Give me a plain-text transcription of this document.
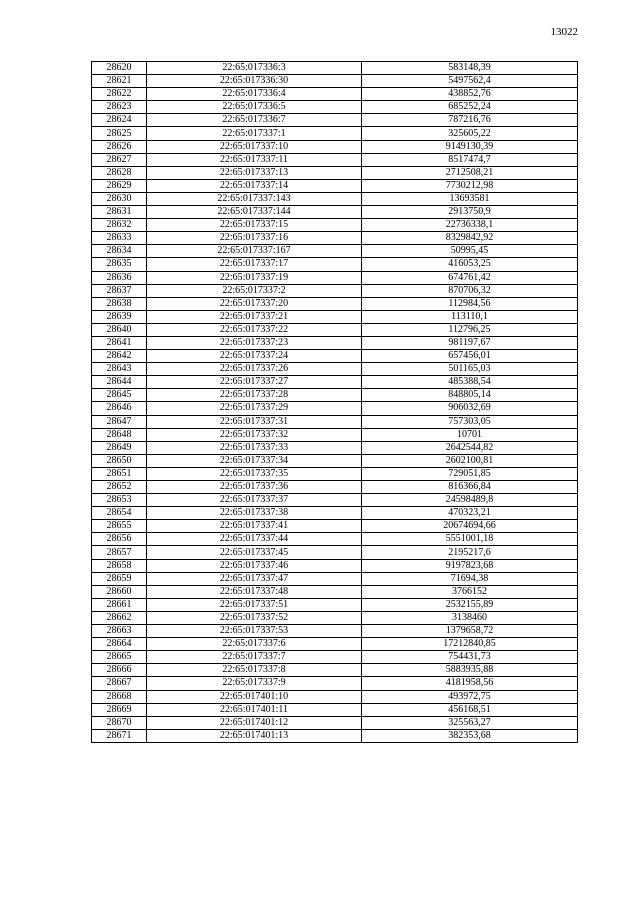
13022
28620	22:65:017336:3	583148,39
28621	22:65:017336:30	5497562,4
28622	22:65:017336:4	438852,76
28623	22:65:017336:5	685252,24
28624	22:65:017336:7	787216,76
28625	22:65:017337:1	325605,22
28626	22:65:017337:10	9149130,39
28627	22:65:017337:11	8517474,7
28628	22:65:017337:13	2712508,21
28629	22:65:017337:14	7730212,98
28630	22:65:017337:143	13693581
28631	22:65:017337:144	2913750,9
28632	22:65:017337:15	22736338,1
28633	22:65:017337:16	8329842,92
28634	22:65:017337:167	50995,45
28635	22:65:017337:17	416053,25
28636	22:65:017337:19	674761,42
28637	22:65:017337:2	870706,32
28638	22:65:017337:20	112984,56
28639	22:65:017337:21	113110,1
28640	22:65:017337:22	112796,25
28641	22:65:017337:23	981197,67
28642	22:65:017337:24	657456,01
28643	22:65:017337:26	501165,03
28644	22:65:017337:27	485388,54
28645	22:65:017337:28	848805,14
28646	22:65:017337:29	906032,69
28647	22:65:017337:31	757303,05
28648	22:65:017337:32	10701
28649	22:65:017337:33	2642544,82
28650	22:65:017337:34	2602100,81
28651	22:65:017337:35	729051,85
28652	22:65:017337:36	816366,84
28653	22:65:017337:37	24598489,8
28654	22:65:017337:38	470323,21
28655	22:65:017337:41	20674694,66
28656	22:65:017337:44	5551001,18
28657	22:65:017337:45	2195217,6
28658	22:65:017337:46	9197823,68
28659	22:65:017337:47	71694,38
28660	22:65:017337:48	3766152
28661	22:65:017337:51	2532155,89
28662	22:65:017337:52	3138460
28663	22:65:017337:53	1379658,72
28664	22:65:017337:6	17212840,85
28665	22:65:017337:7	754431,73
28666	22:65:017337:8	5883935,88
28667	22:65:017337:9	4181958,56
28668	22:65:017401:10	493972,75
28669	22:65:017401:11	456168,51
28670	22:65:017401:12	325563,27
28671	22:65:017401:13	382353,68
